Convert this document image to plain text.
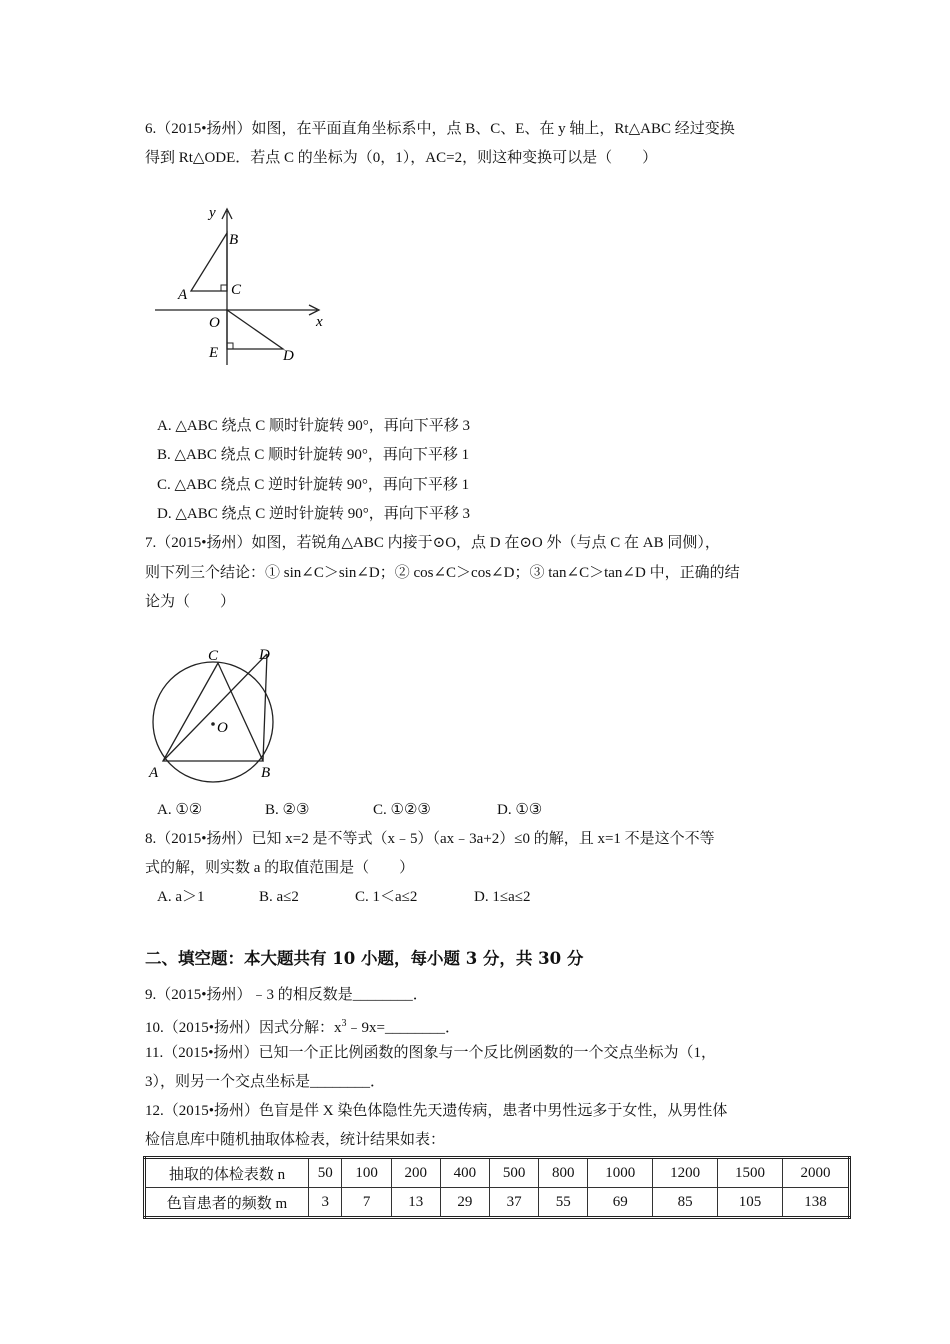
6.（2015•扬州）如图，在平面直角坐标系中，点 B、C、E、在 y 轴上，Rt△ABC 经过变换
得到 Rt△ODE．若点 C 的坐标为（0，1），AC=2，则这种变换可以是（　　）
y
B
A	C
O	x
E	D
A. △ABC 绕点 C 顺时针旋转 90°，再向下平移 3
B. △ABC 绕点 C 顺时针旋转 90°，再向下平移 1
C. △ABC 绕点 C 逆时针旋转 90°，再向下平移 1
D. △ABC 绕点 C 逆时针旋转 90°，再向下平移 3
7.（2015•扬州）如图，若锐角△ABC 内接于⊙O，点 D 在⊙O 外（与点 C 在 AB 同侧），
则下列三个结论：① sin∠C＞sin∠D；② cos∠C＞cos∠D；③ tan∠C＞tan∠D 中，正确的结
论为（　　）
C	D
O
A	B
A. ①②	B. ②③	C. ①②③	D. ①③
8.（2015•扬州）已知 x=2 是不等式（x﹣5）（ax﹣3a+2）≤0 的解，且 x=1 不是这个不等
式的解，则实数 a 的取值范围是（　　）
A. a＞1	B. a≤2	C. 1＜a≤2	D. 1≤a≤2
二、填空题：本大题共有 10 小题，每小题 3 分，共 30 分
9.（2015•扬州）﹣3 的相反数是________．
10.（2015•扬州）因式分解：$x^3﹣9x=\_\_\_\_\_\_\_\_$．
11.（2015•扬州）已知一个正比例函数的图象与一个反比例函数的一个交点坐标为（1，
3），则另一个交点坐标是________．
12.（2015•扬州）色盲是伴 X 染色体隐性先天遗传病，患者中男性远多于女性，从男性体
检信息库中随机抽取体检表，统计结果如表：
抽取的体检表数 n	50	100	200	400	500	800	1000	1200	1500	2000
色盲患者的频数 m	3	7	13	29	37	55	69	85	105	138
